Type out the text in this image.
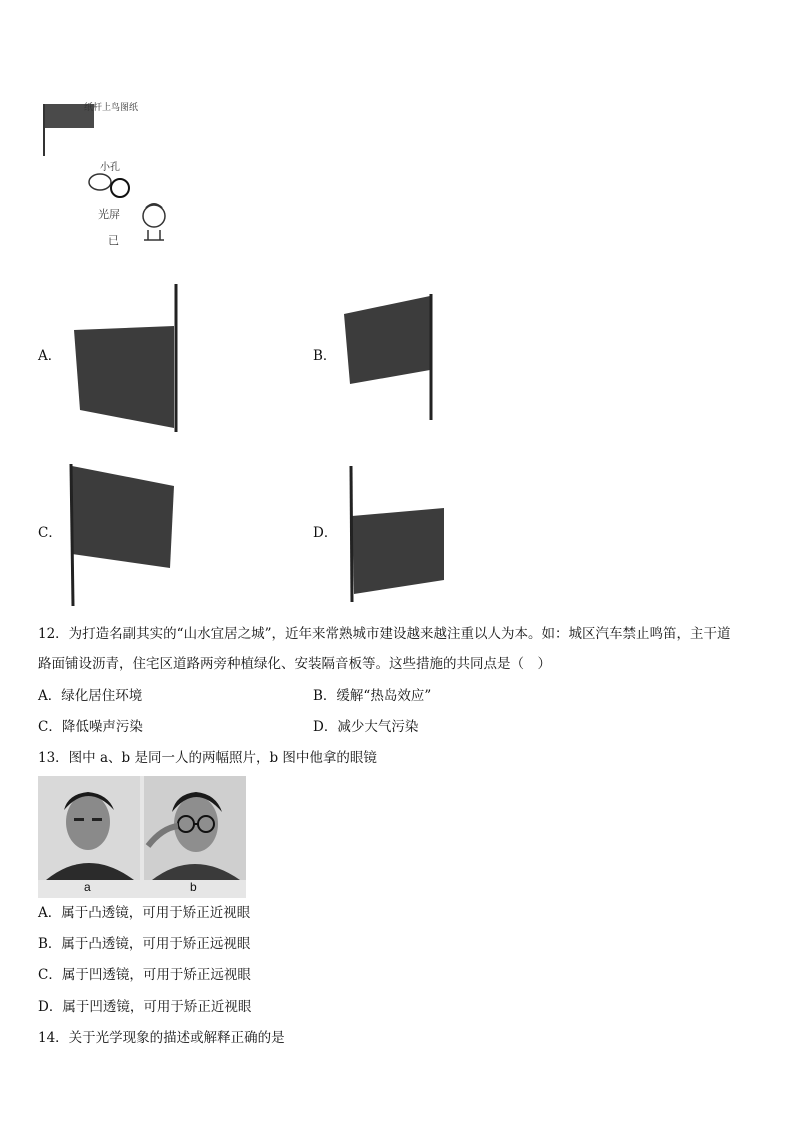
纸杆上鸟图纸
小孔
光屏
已
A．	B．
C．	D．
12．为打造名副其实的“山水宜居之城”，近年来常熟城市建设越来越注重以人为本。如：城区汽车禁止鸣笛，主干道
路面铺设沥青，住宅区道路两旁种植绿化、安装隔音板等。这些措施的共同点是（　）
A．绿化居住环境	B．缓解“热岛效应”
C．降低噪声污染	D．减少大气污染
13．图中 a、b 是同一人的两幅照片，b 图中他拿的眼镜
a	b
A．属于凸透镜，可用于矫正近视眼
B．属于凸透镜，可用于矫正远视眼
C．属于凹透镜，可用于矫正远视眼
D．属于凹透镜，可用于矫正近视眼
14．关于光学现象的描述或解释正确的是
